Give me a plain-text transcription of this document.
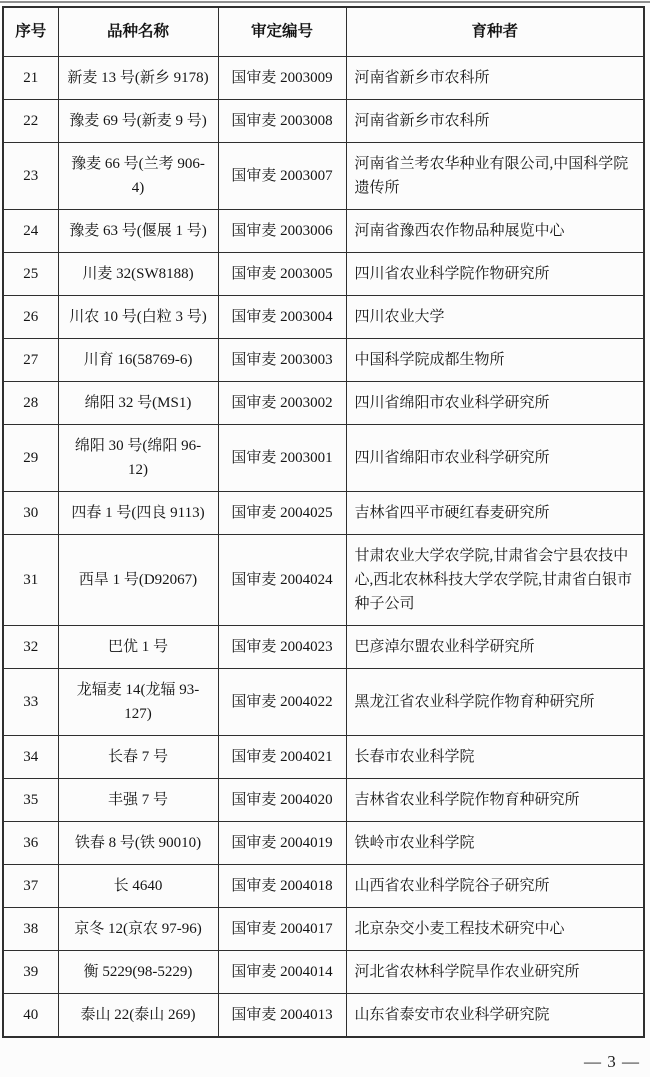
序号	品种名称	审定编号	育种者
21	新麦 13 号(新乡 9178)	国审麦 2003009	河南省新乡市农科所
22	豫麦 69 号(新麦 9 号)	国审麦 2003008	河南省新乡市农科所
23	豫麦 66 号(兰考 906-4)	国审麦 2003007	河南省兰考农华种业有限公司,中国科学院遗传所
24	豫麦 63 号(偃展 1 号)	国审麦 2003006	河南省豫西农作物品种展览中心
25	川麦 32(SW8188)	国审麦 2003005	四川省农业科学院作物研究所
26	川农 10 号(白粒 3 号)	国审麦 2003004	四川农业大学
27	川育 16(58769-6)	国审麦 2003003	中国科学院成都生物所
28	绵阳 32 号(MS1)	国审麦 2003002	四川省绵阳市农业科学研究所
29	绵阳 30 号(绵阳 96-12)	国审麦 2003001	四川省绵阳市农业科学研究所
30	四春 1 号(四良 9113)	国审麦 2004025	吉林省四平市硬红春麦研究所
31	西旱 1 号(D92067)	国审麦 2004024	甘肃农业大学农学院,甘肃省会宁县农技中心,西北农林科技大学农学院,甘肃省白银市种子公司
32	巴优 1 号	国审麦 2004023	巴彦淖尔盟农业科学研究所
33	龙辐麦 14(龙辐 93-127)	国审麦 2004022	黑龙江省农业科学院作物育种研究所
34	长春 7 号	国审麦 2004021	长春市农业科学院
35	丰强 7 号	国审麦 2004020	吉林省农业科学院作物育种研究所
36	铁春 8 号(铁 90010)	国审麦 2004019	铁岭市农业科学院
37	长 4640	国审麦 2004018	山西省农业科学院谷子研究所
38	京冬 12(京农 97-96)	国审麦 2004017	北京杂交小麦工程技术研究中心
39	衡 5229(98-5229)	国审麦 2004014	河北省农林科学院旱作农业研究所
40	泰山 22(泰山 269)	国审麦 2004013	山东省泰安市农业科学研究院
— 3 —
